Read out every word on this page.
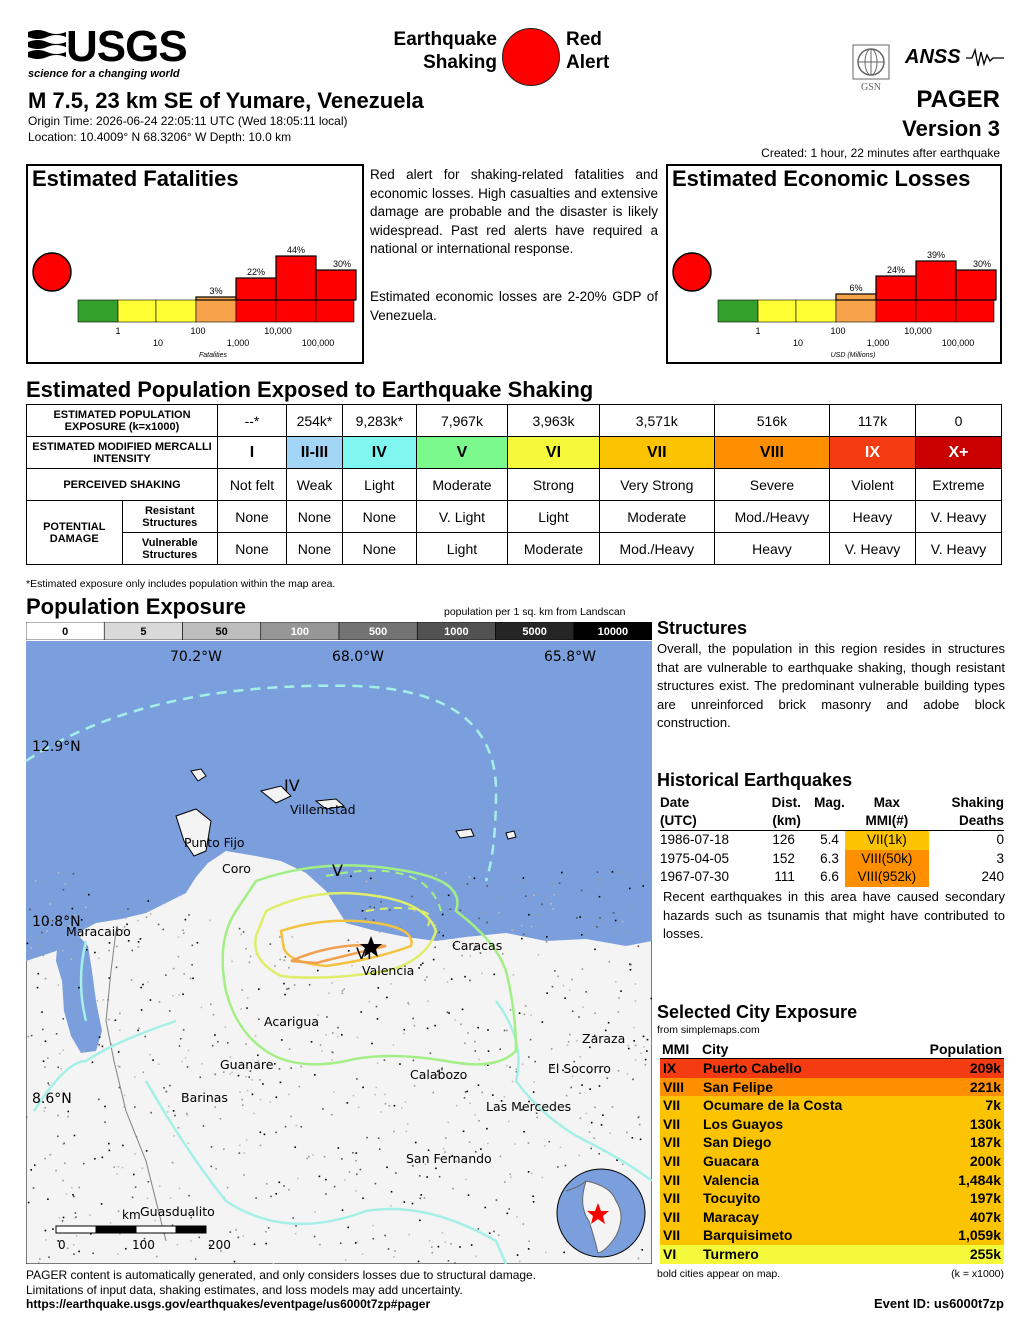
USGS
science for a changing world
Earthquake
Shaking
Red
Alert
GSN
ANSS
M 7.5, 23 km SE of Yumare, Venezuela
Origin Time: 2026-06-24 22:05:11 UTC (Wed 18:05:11 local)
Location: 10.4009° N 68.3206° W Depth: 10.0 km
PAGER
Version 3
Created: 1 hour, 22 minutes after earthquake
Estimated Fatalities
3%
22%
44%
30%
1	100	10,000
10	1,000	100,000
Fatalities
Red alert for shaking-related fatalities and economic losses. High casualties and extensive damage are probable and the disaster is likely widespread. Past red alerts have required a national or international response.
Estimated economic losses are 2-20% GDP of Venezuela.
Estimated Economic Losses
6%
24%
39%
30%
1	100	10,000
10	1,000	100,000
USD (Millions)
Estimated Population Exposed to Earthquake Shaking
ESTIMATED POPULATION EXPOSURE (k=x1000)		--*	254k*	9,283k*	7,967k	3,963k	3,571k	516k	117k	0
ESTIMATED MODIFIED MERCALLI INTENSITY		I	II-III	IV	V	VI	VII	VIII	IX	X+
PERCEIVED SHAKING		Not felt	Weak	Light	Moderate	Strong	Very Strong	Severe	Violent	Extreme
POTENTIAL DAMAGE	Resistant Structures	None	None	None	V. Light	Light	Moderate	Mod./Heavy	Heavy	V. Heavy
	Vulnerable Structures	None	None	None	Light	Moderate	Mod./Heavy	Heavy	V. Heavy	V. Heavy
*Estimated exposure only includes population within the map area.
Population Exposure	population per 1 sq. km from Landscan
0	5	50	100	500	1000	5000	10000
70.2°W	68.0°W	65.8°W
12.9°N
10.8°N
8.6°N
IV
V
VI
Villemstad
Punto Fijo
Coro
Maracaibo
Caracas
Valencia
Acarigua
Zaraza
Guanare
Calabozo	El Socorro
Barinas
Las Mercedes
San Fernando
Guasdualito
km
0	100	200
Structures
Overall, the population in this region resides in structures that are vulnerable to earthquake shaking, though resistant structures exist. The predominant vulnerable building types are unreinforced brick masonry and adobe block construction.
Historical Earthquakes
Date	Dist.	Mag.	Max	Shaking
(UTC)	(km)		MMI(#)	Deaths
1986-07-18	126	5.4	VII(1k)	0
1975-04-05	152	6.3	VIII(50k)	3
1967-07-30	111	6.6	VIII(952k)	240
Recent earthquakes in this area have caused secondary hazards such as tsunamis that might have contributed to losses.
Selected City Exposure
from simplemaps.com
MMI	City	Population
IX	Puerto Cabello	209k
VIII	San Felipe	221k
VII	Ocumare de la Costa	7k
VII	Los Guayos	130k
VII	San Diego	187k
VII	Guacara	200k
VII	Valencia	1,484k
VII	Tocuyito	197k
VII	Maracay	407k
VII	Barquisimeto	1,059k
VI	Turmero	255k
bold cities appear on map.	(k = x1000)
PAGER content is automatically generated, and only considers losses due to structural damage.
Limitations of input data, shaking estimates, and loss models may add uncertainty.
https://earthquake.usgs.gov/earthquakes/eventpage/us6000t7zp#pager	Event ID: us6000t7zp
